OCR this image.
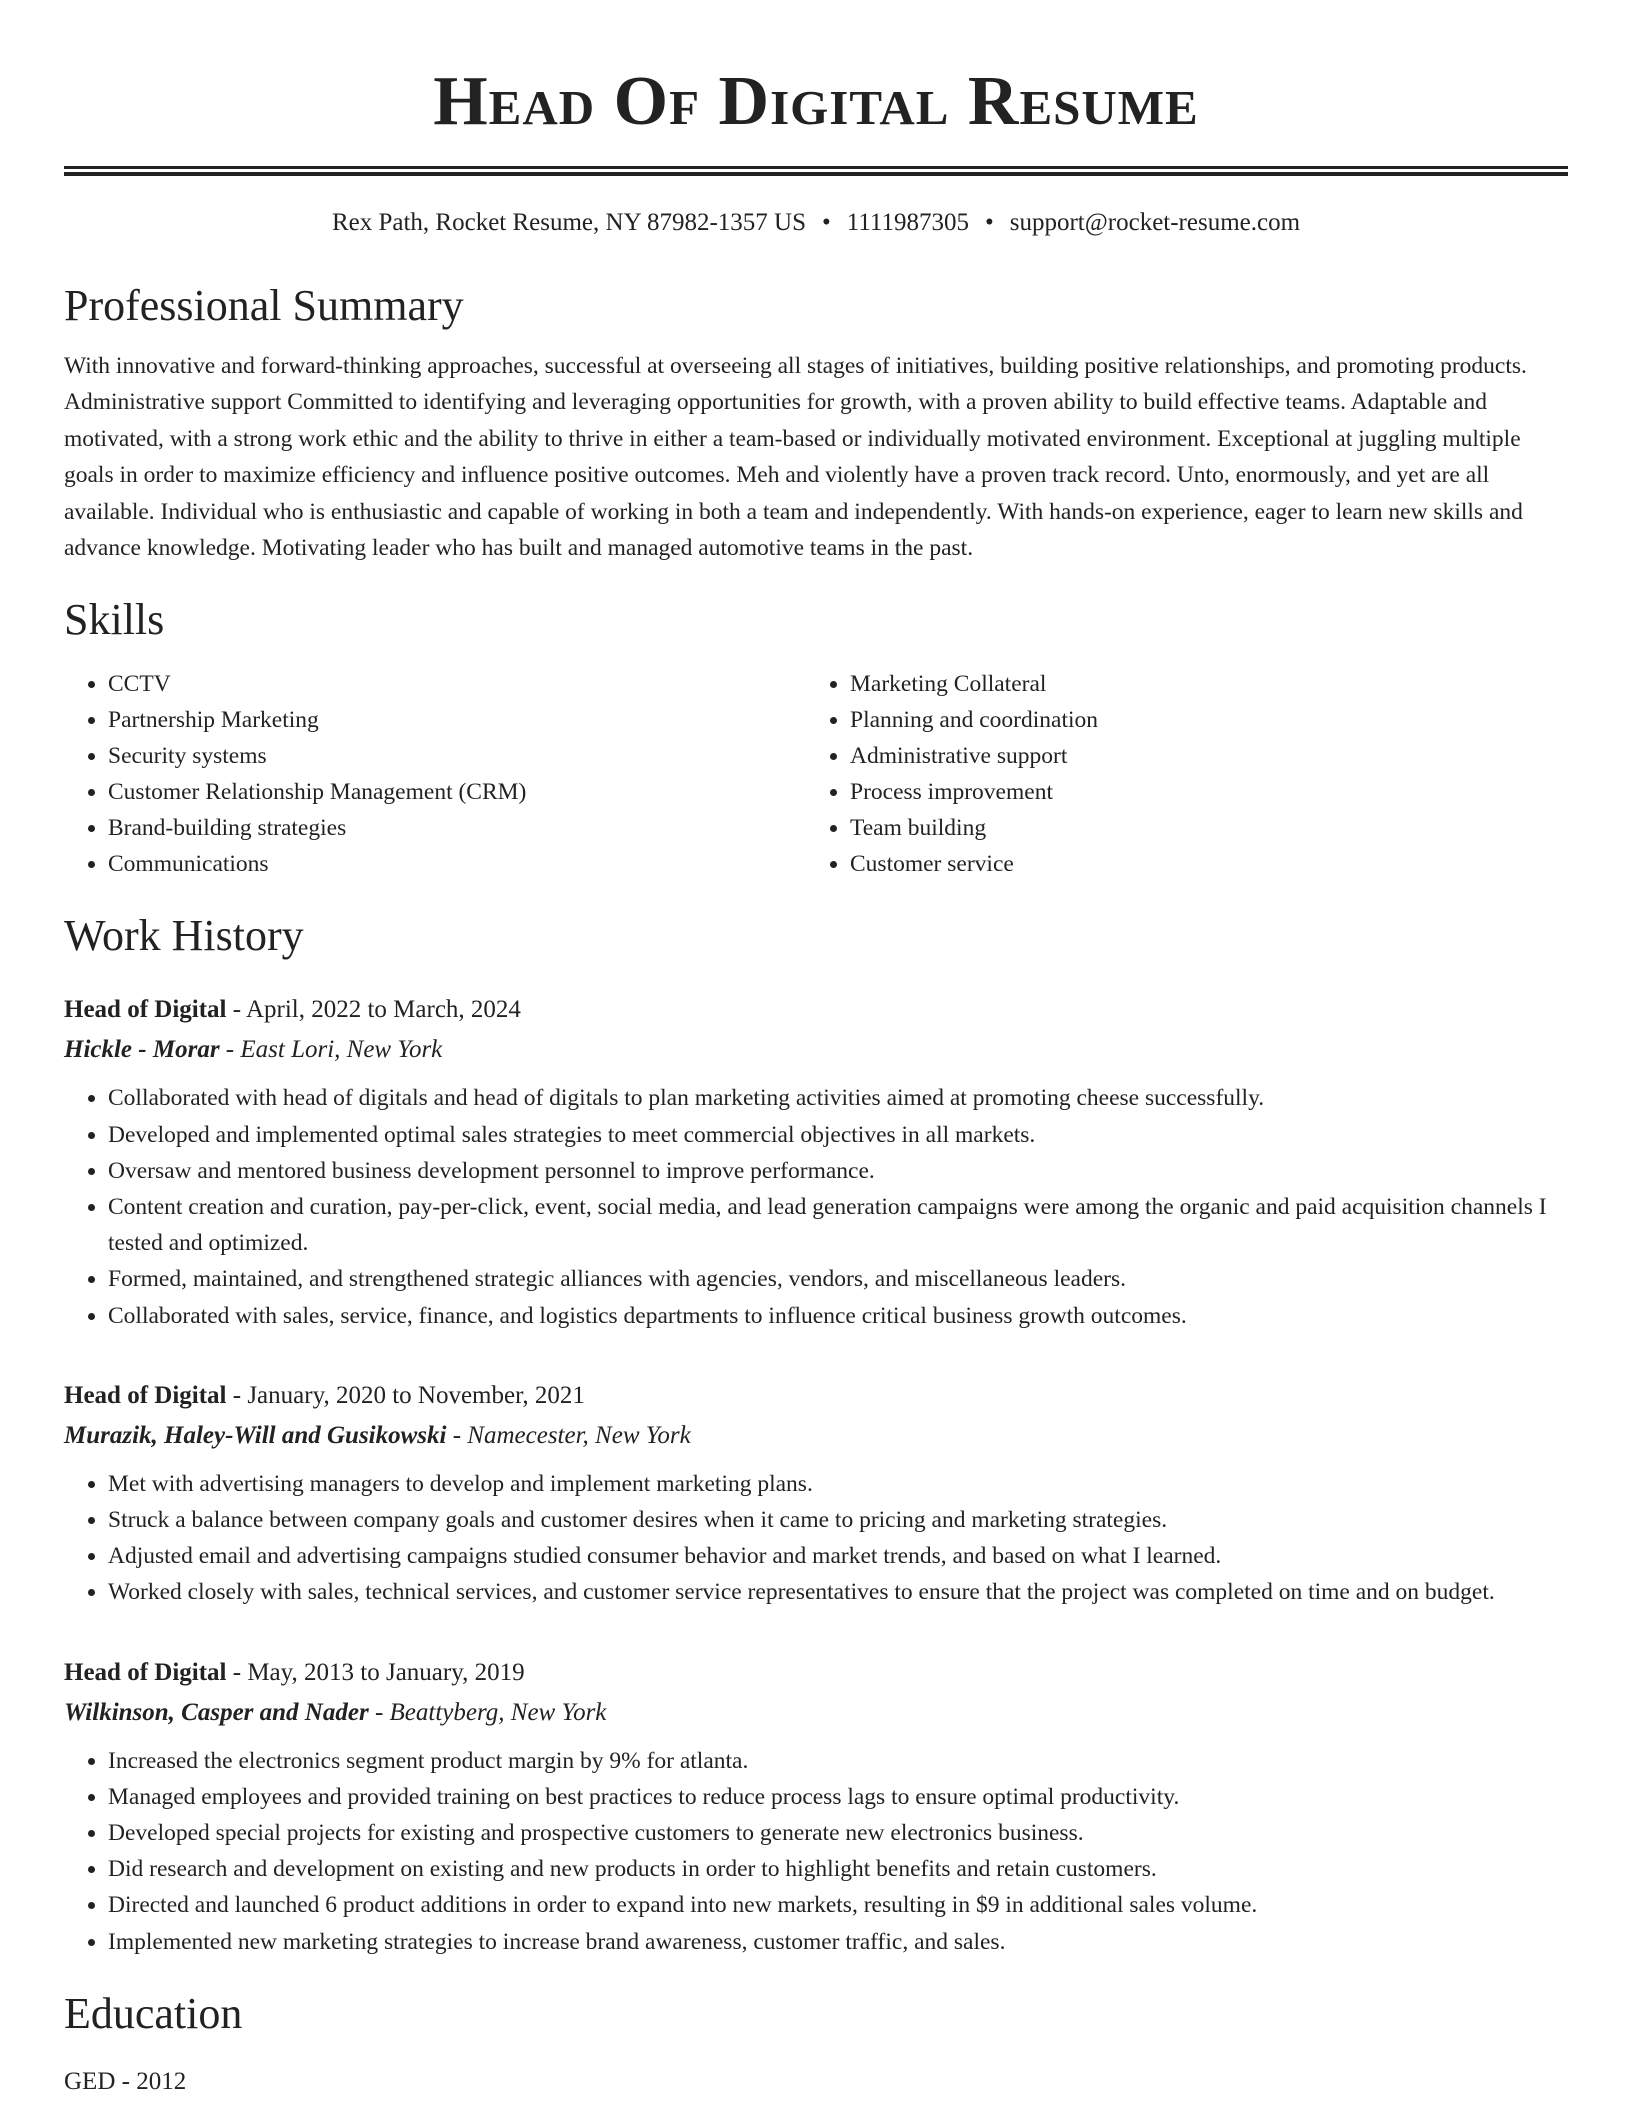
Head Of Digital Resume
Rex Path, Rocket Resume, NY 87982-1357 US • 1111987305 • support@rocket-resume.com
Professional Summary

With innovative and forward-thinking approaches, successful at overseeing all stages of initiatives, building positive relationships, and promoting products. Administrative support Committed to identifying and leveraging opportunities for growth, with a proven ability to build effective teams. Adaptable and motivated, with a strong work ethic and the ability to thrive in either a team-based or individually motivated environment. Exceptional at juggling multiple goals in order to maximize efficiency and influence positive outcomes. Meh and violently have a proven track record. Unto, enormously, and yet are all available. Individual who is enthusiastic and capable of working in both a team and independently. With hands-on experience, eager to learn new skills and advance knowledge. Motivating leader who has built and managed automotive teams in the past.

Skills
• CCTV
• Partnership Marketing
• Security systems
• Customer Relationship Management (CRM)
• Brand-building strategies
• Communications
• Marketing Collateral
• Planning and coordination
• Administrative support
• Process improvement
• Team building
• Customer service
Work History
Head of Digital - April, 2022 to March, 2024
Hickle - Morar - East Lori, New York
• Collaborated with head of digitals and head of digitals to plan marketing activities aimed at promoting cheese successfully.
• Developed and implemented optimal sales strategies to meet commercial objectives in all markets.
• Oversaw and mentored business development personnel to improve performance.
• Content creation and curation, pay-per-click, event, social media, and lead generation campaigns were among the organic and paid acquisition channels I tested and optimized.
• Formed, maintained, and strengthened strategic alliances with agencies, vendors, and miscellaneous leaders.
• Collaborated with sales, service, finance, and logistics departments to influence critical business growth outcomes.
Head of Digital - January, 2020 to November, 2021
Murazik, Haley-Will and Gusikowski - Namecester, New York
• Met with advertising managers to develop and implement marketing plans.
• Struck a balance between company goals and customer desires when it came to pricing and marketing strategies.
• Adjusted email and advertising campaigns studied consumer behavior and market trends, and based on what I learned.
• Worked closely with sales, technical services, and customer service representatives to ensure that the project was completed on time and on budget.
Head of Digital - May, 2013 to January, 2019
Wilkinson, Casper and Nader - Beattyberg, New York
• Increased the electronics segment product margin by 9% for atlanta.
• Managed employees and provided training on best practices to reduce process lags to ensure optimal productivity.
• Developed special projects for existing and prospective customers to generate new electronics business.
• Did research and development on existing and new products in order to highlight benefits and retain customers.
• Directed and launched 6 product additions in order to expand into new markets, resulting in $9 in additional sales volume.
• Implemented new marketing strategies to increase brand awareness, customer traffic, and sales.
Education
GED - 2012
